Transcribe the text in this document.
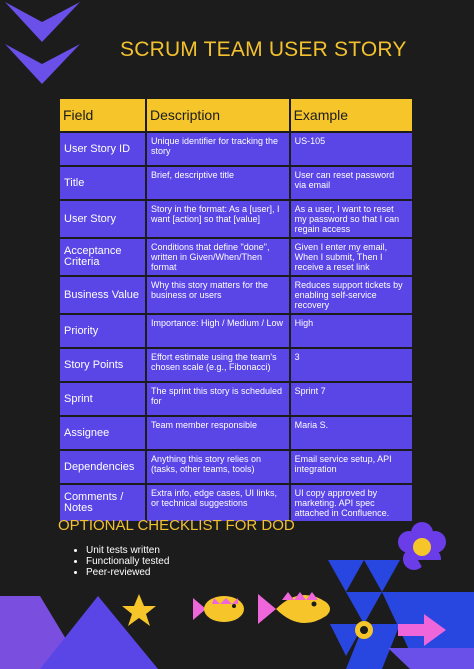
SCRUM TEAM USER STORY
Field	Description	Example
User Story ID	Unique identifier for tracking the story	US-105
Title	Brief, descriptive title	User can reset password via email
User Story	Story in the format: As a [user], I want [action] so that [value]	As a user, I want to reset my password so that I can regain access
Acceptance Criteria	Conditions that define "done", written in Given/When/Then format	Given I enter my email, When I submit, Then I receive a reset link
Business Value	Why this story matters for the business or users	Reduces support tickets by enabling self-service recovery
Priority	Importance: High / Medium / Low	High
Story Points	Effort estimate using the team's chosen scale (e.g., Fibonacci)	3
Sprint	The sprint this story is scheduled for	Sprint 7
Assignee	Team member responsible	Maria S.
Dependencies	Anything this story relies on (tasks, other teams, tools)	Email service setup, API integration
Comments / Notes	Extra info, edge cases, UI links, or technical suggestions	UI copy approved by marketing. API spec attached in Confluence.
OPTIONAL CHECKLIST FOR DOD
• Unit tests written
• Functionally tested
• Peer-reviewed
